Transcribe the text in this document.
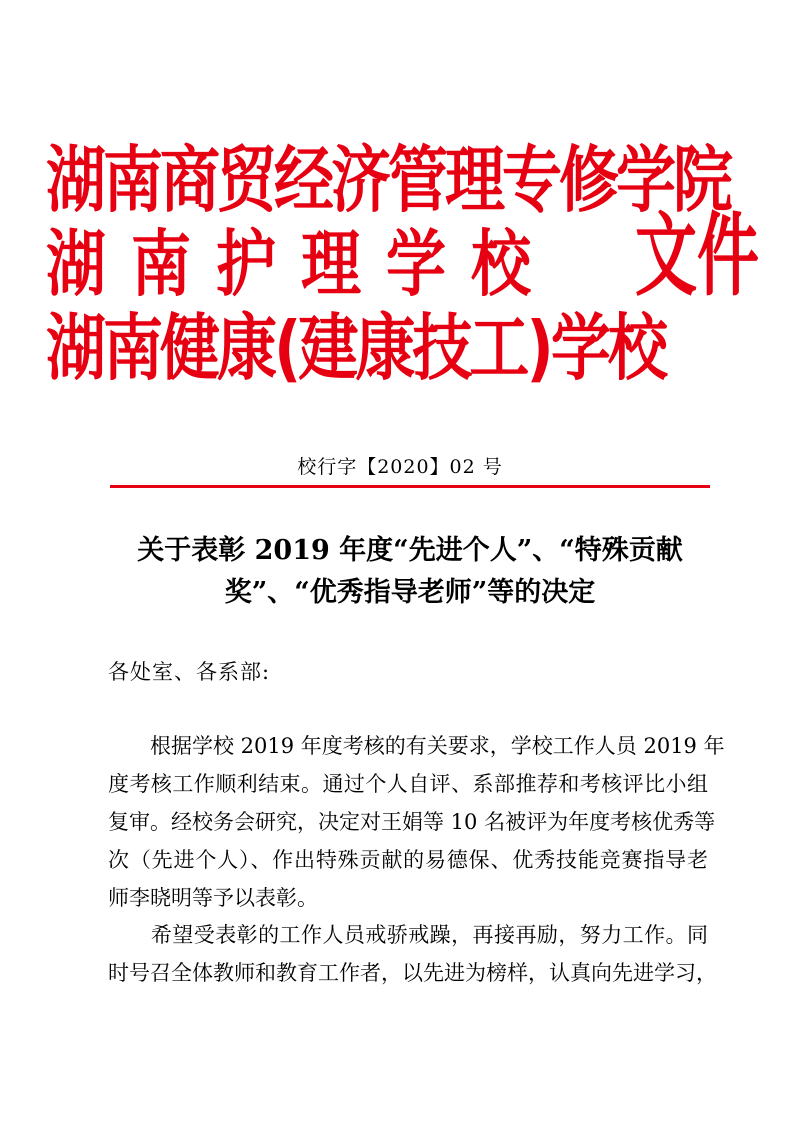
湖南商贸经济管理专修学院
湖南护理学校
湖南健康(建康技工)学校
文件
校行字【2020】02 号
关于表彰 2019 年度“先进个人”、“特殊贡献
奖”、“优秀指导老师”等的决定
各处室、各系部:
　　根据学校 2019 年度考核的有关要求，学校工作人员 2019 年
度考核工作顺利结束。通过个人自评、系部推荐和考核评比小组
复审。经校务会研究，决定对王娟等 10 名被评为年度考核优秀等
次（先进个人）、作出特殊贡献的易德保、优秀技能竞赛指导老
师李晓明等予以表彰。
　　希望受表彰的工作人员戒骄戒躁，再接再励，努力工作。同
时号召全体教师和教育工作者，以先进为榜样，认真向先进学习，
